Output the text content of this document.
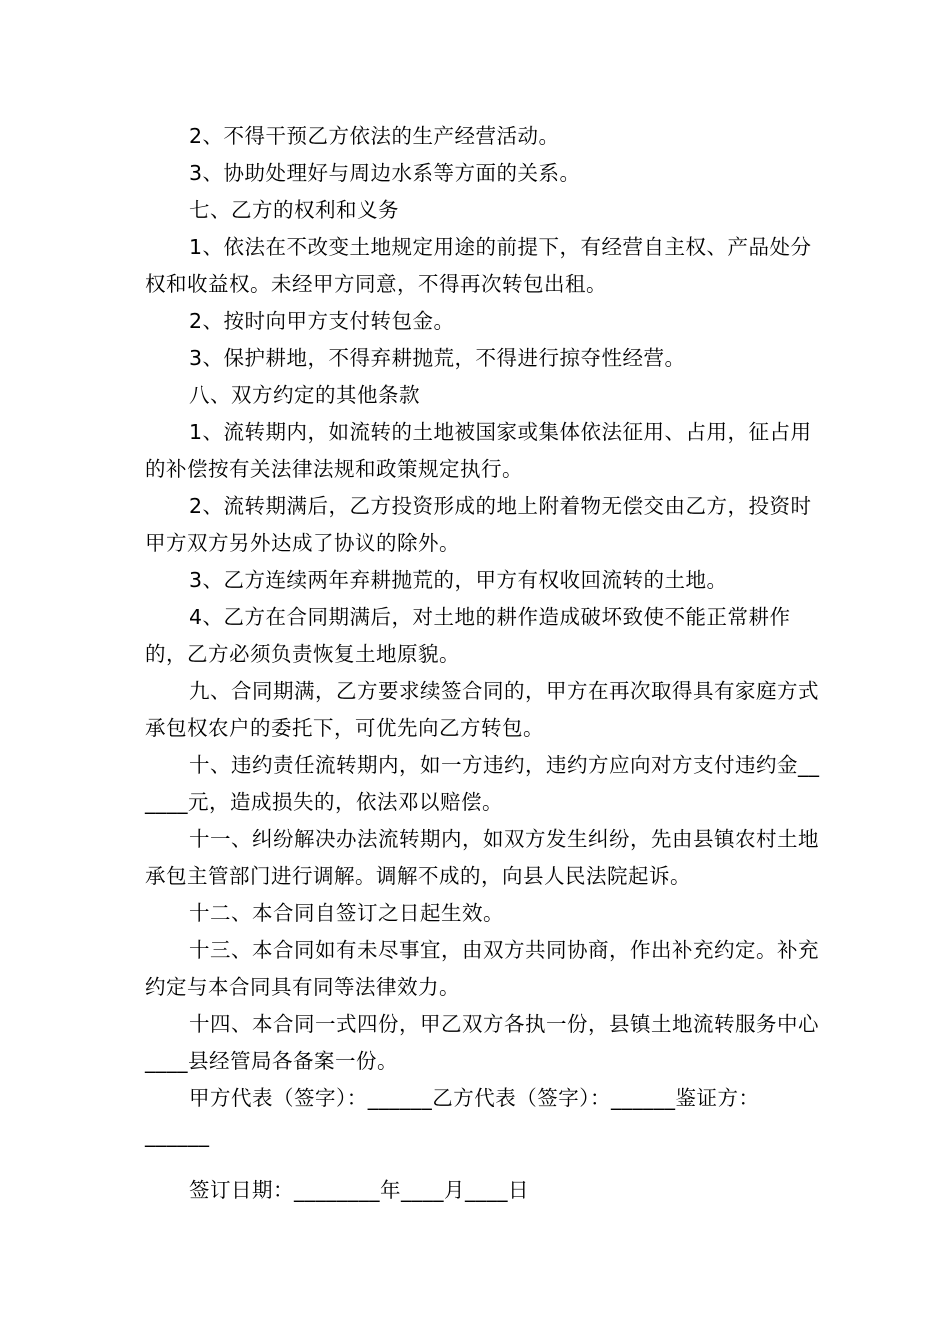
2、不得干预乙方依法的生产经营活动。

3、协助处理好与周边水系等方面的关系。

七、乙方的权利和义务

1、依法在不改变土地规定用途的前提下，有经营自主权、产品处分权和收益权。未经甲方同意，不得再次转包出租。

2、按时向甲方支付转包金。

3、保护耕地，不得弃耕抛荒，不得进行掠夺性经营。

八、双方约定的其他条款

1、流转期内，如流转的土地被国家或集体依法征用、占用，征占用的补偿按有关法律法规和政策规定执行。

2、流转期满后，乙方投资形成的地上附着物无偿交由乙方，投资时甲方双方另外达成了协议的除外。

3、乙方连续两年弃耕抛荒的，甲方有权收回流转的土地。

4、乙方在合同期满后，对土地的耕作造成破坏致使不能正常耕作的，乙方必须负责恢复土地原貌。

九、合同期满，乙方要求续签合同的，甲方在再次取得具有家庭方式承包权农户的委托下，可优先向乙方转包。

十、违约责任流转期内，如一方违约，违约方应向对方支付违约金______元，造成损失的，依法邓以赔偿。

十一、纠纷解决办法流转期内，如双方发生纠纷，先由县镇农村土地承包主管部门进行调解。调解不成的，向县人民法院起诉。

十二、本合同自签订之日起生效。

十三、本合同如有未尽事宜，由双方共同协商，作出补充约定。补充约定与本合同具有同等法律效力。

十四、本合同一式四份，甲乙双方各执一份，县镇土地流转服务中心____县经管局各备案一份。

甲方代表（签字）：______乙方代表（签字）：______鉴证方：

______

签订日期：________年____月____日
